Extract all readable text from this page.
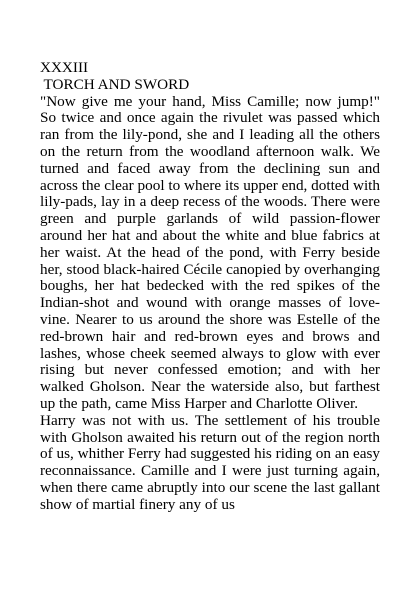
XXXIII
TORCH AND SWORD

"Now give me your hand, Miss Camille; now jump!" So twice and once again the rivulet was passed which ran from the lily-pond, she and I leading all the others on the return from the woodland afternoon walk. We turned and faced away from the declining sun and across the clear pool to where its upper end, dotted with lily-pads, lay in a deep recess of the woods. There were green and purple garlands of wild passion-flower around her hat and about the white and blue fabrics at her waist. At the head of the pond, with Ferry beside her, stood black-haired Cécile canopied by overhanging boughs, her hat bedecked with the red spikes of the Indian-shot and wound with orange masses of love-vine. Nearer to us around the shore was Estelle of the red-brown hair and red-brown eyes and brows and lashes, whose cheek seemed always to glow with ever rising but never confessed emotion; and with her walked Gholson. Near the waterside also, but farthest up the path, came Miss Harper and Charlotte Oliver.

Harry was not with us. The settlement of his trouble with Gholson awaited his return out of the region north of us, whither Ferry had suggested his riding on an easy reconnaissance. Camille and I were just turning again, when there came abruptly into our scene the last gallant show of martial finery any of us
